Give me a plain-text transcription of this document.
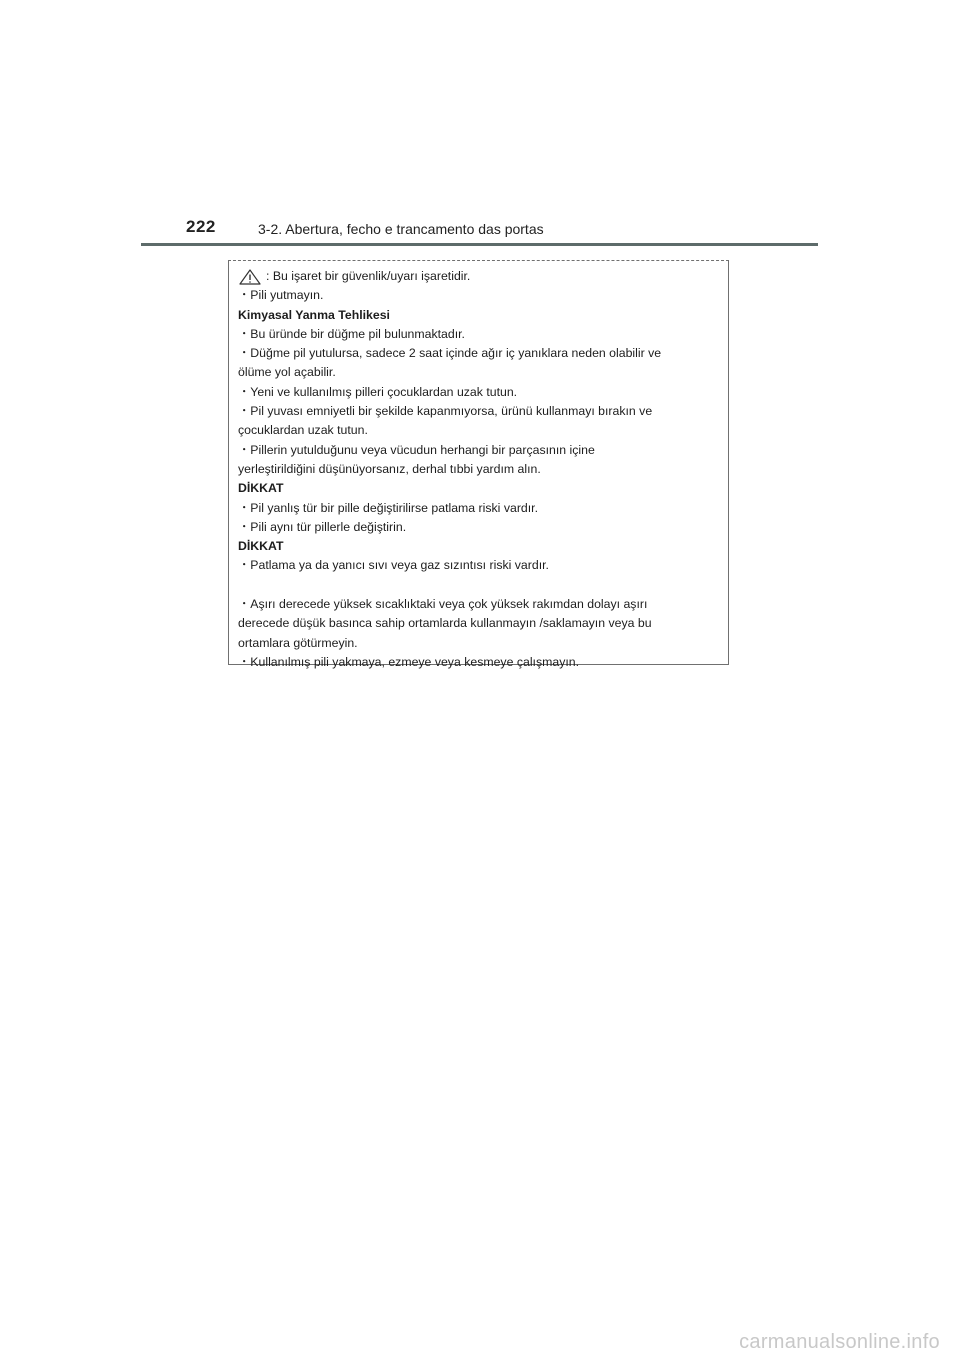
222	3-2. Abertura, fecho e trancamento das portas
: Bu işaret bir güvenlik/uyarı işaretidir.
・Pili yutmayın.
Kimyasal Yanma Tehlikesi
・Bu üründe bir düğme pil bulunmaktadır.
・Düğme pil yutulursa, sadece 2 saat içinde ağır iç yanıklara neden olabilir ve
ölüme yol açabilir.
・Yeni ve kullanılmış pilleri çocuklardan uzak tutun.
・Pil yuvası emniyetli bir şekilde kapanmıyorsa, ürünü kullanmayı bırakın ve
çocuklardan uzak tutun.
・Pillerin yutulduğunu veya vücudun herhangi bir parçasının içine
yerleştirildiğini düşünüyorsanız, derhal tıbbi yardım alın.
DİKKAT
・Pil yanlış tür bir pille değiştirilirse patlama riski vardır.
・Pili aynı tür pillerle değiştirin.
DİKKAT
・Patlama ya da yanıcı sıvı veya gaz sızıntısı riski vardır.
・Aşırı derecede yüksek sıcaklıktaki veya çok yüksek rakımdan dolayı aşırı
derecede düşük basınca sahip ortamlarda kullanmayın /saklamayın veya bu
ortamlara götürmeyin.
・Kullanılmış pili yakmaya, ezmeye veya kesmeye çalışmayın.
carmanualsonline.info
